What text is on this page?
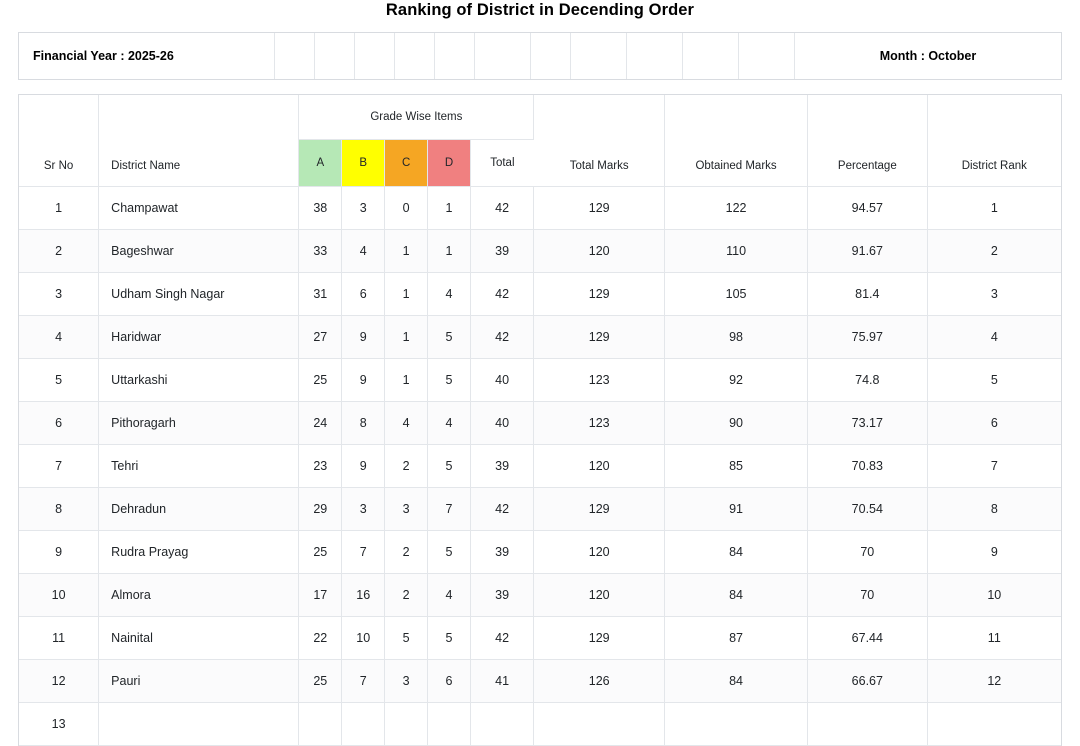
Ranking of District in Decending Order
Financial Year : 2025-26	Month : October
Sr No	District Name	Grade Wise Items					Total Marks	Obtained Marks	Percentage	District Rank
		A	B	C	D	Total				
1	Champawat	38	3	0	1	42	129	122	94.57	1
2	Bageshwar	33	4	1	1	39	120	110	91.67	2
3	Udham Singh Nagar	31	6	1	4	42	129	105	81.4	3
4	Haridwar	27	9	1	5	42	129	98	75.97	4
5	Uttarkashi	25	9	1	5	40	123	92	74.8	5
6	Pithoragarh	24	8	4	4	40	123	90	73.17	6
7	Tehri	23	9	2	5	39	120	85	70.83	7
8	Dehradun	29	3	3	7	42	129	91	70.54	8
9	Rudra Prayag	25	7	2	5	39	120	84	70	9
10	Almora	17	16	2	4	39	120	84	70	10
11	Nainital	22	10	5	5	42	129	87	67.44	11
12	Pauri	25	7	3	6	41	126	84	66.67	12
13										
